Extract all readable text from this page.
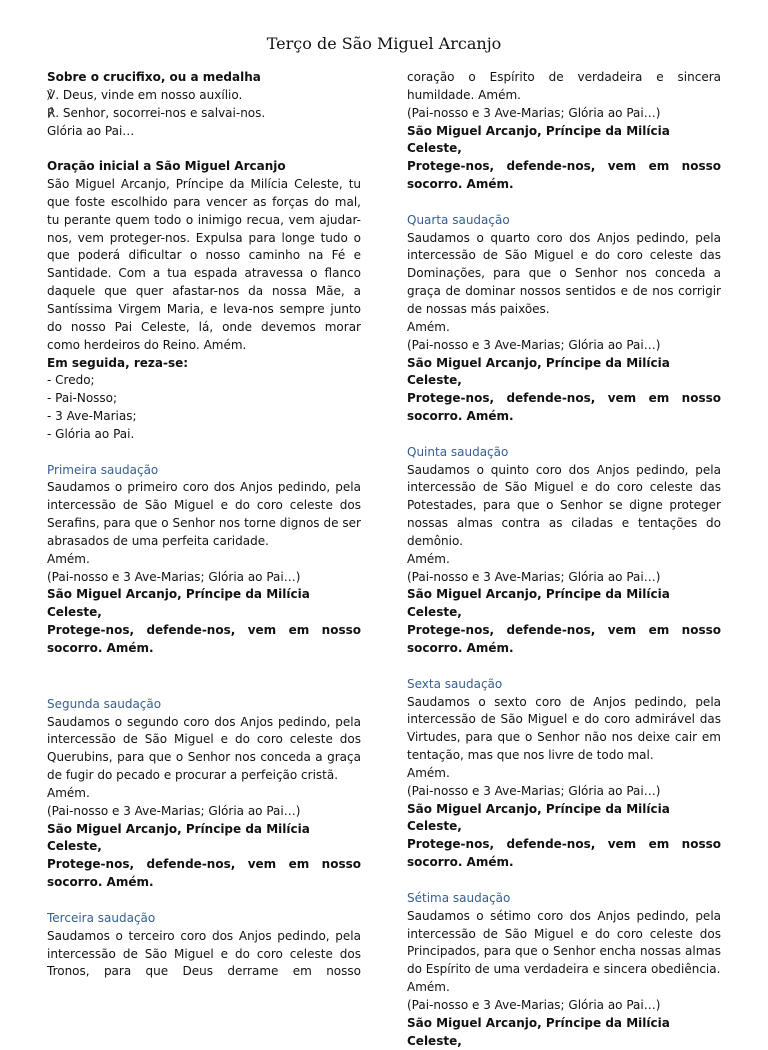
Terço de São Miguel Arcanjo

Sobre o crucifixo, ou a medalha

℣. Deus, vinde em nosso auxílio.

℟. Senhor, socorrei-nos e salvai-nos.

Glória ao Pai…

Oração inicial a São Miguel Arcanjo

São Miguel Arcanjo, Príncipe da Milícia Celeste, tu que foste escolhido para vencer as forças do mal, tu perante quem todo o inimigo recua, vem ajudar-nos, vem proteger-nos. Expulsa para longe tudo o que poderá dificultar o nosso caminho na Fé e Santidade. Com a tua espada atravessa o flanco daquele que quer afastar-nos da nossa Mãe, a Santíssima Virgem Maria, e leva-nos sempre junto do nosso Pai Celeste, lá, onde devemos morar como herdeiros do Reino. Amém.

Em seguida, reza-se:

- Credo;

- Pai-Nosso;

- 3 Ave-Marias;

- Glória ao Pai.

Primeira saudação

Saudamos o primeiro coro dos Anjos pedindo, pela intercessão de São Miguel e do coro celeste dos Serafins, para que o Senhor nos torne dignos de ser abrasados de uma perfeita caridade.

Amém.

(Pai-nosso e 3 Ave-Marias; Glória ao Pai…)

São Miguel Arcanjo, Príncipe da Milícia Celeste,

Protege-nos, defende-nos, vem em nosso socorro. Amém.

Segunda saudação

Saudamos o segundo coro dos Anjos pedindo, pela intercessão de São Miguel e do coro celeste dos Querubins, para que o Senhor nos conceda a graça de fugir do pecado e procurar a perfeição cristã.

Amém.

(Pai-nosso e 3 Ave-Marias; Glória ao Pai…)

São Miguel Arcanjo, Príncipe da Milícia Celeste,

Protege-nos, defende-nos, vem em nosso socorro. Amém.

Terceira saudação

Saudamos o terceiro coro dos Anjos pedindo, pela intercessão de São Miguel e do coro celeste dos Tronos, para que Deus derrame em nosso

coração o Espírito de verdadeira e sincera humildade. Amém.

(Pai-nosso e 3 Ave-Marias; Glória ao Pai…)

São Miguel Arcanjo, Príncipe da Milícia Celeste,

Protege-nos, defende-nos, vem em nosso socorro. Amém.

Quarta saudação

Saudamos o quarto coro dos Anjos pedindo, pela intercessão de São Miguel e do coro celeste das Dominações, para que o Senhor nos conceda a graça de dominar nossos sentidos e de nos corrigir de nossas más paixões.

Amém.

(Pai-nosso e 3 Ave-Marias; Glória ao Pai…)

São Miguel Arcanjo, Príncipe da Milícia Celeste,

Protege-nos, defende-nos, vem em nosso socorro. Amém.

Quinta saudação

Saudamos o quinto coro dos Anjos pedindo, pela intercessão de São Miguel e do coro celeste das Potestades, para que o Senhor se digne proteger nossas almas contra as ciladas e tentações do demônio.

Amém.

(Pai-nosso e 3 Ave-Marias; Glória ao Pai…)

São Miguel Arcanjo, Príncipe da Milícia Celeste,

Protege-nos, defende-nos, vem em nosso socorro. Amém.

Sexta saudação

Saudamos o sexto coro de Anjos pedindo, pela intercessão de São Miguel e do coro admirável das Virtudes, para que o Senhor não nos deixe cair em tentação, mas que nos livre de todo mal.

Amém.

(Pai-nosso e 3 Ave-Marias; Glória ao Pai…)

São Miguel Arcanjo, Príncipe da Milícia Celeste,

Protege-nos, defende-nos, vem em nosso socorro. Amém.

Sétima saudação

Saudamos o sétimo coro dos Anjos pedindo, pela intercessão de São Miguel e do coro celeste dos Principados, para que o Senhor encha nossas almas do Espírito de uma verdadeira e sincera obediência.

Amém.

(Pai-nosso e 3 Ave-Marias; Glória ao Pai…)

São Miguel Arcanjo, Príncipe da Milícia Celeste,
